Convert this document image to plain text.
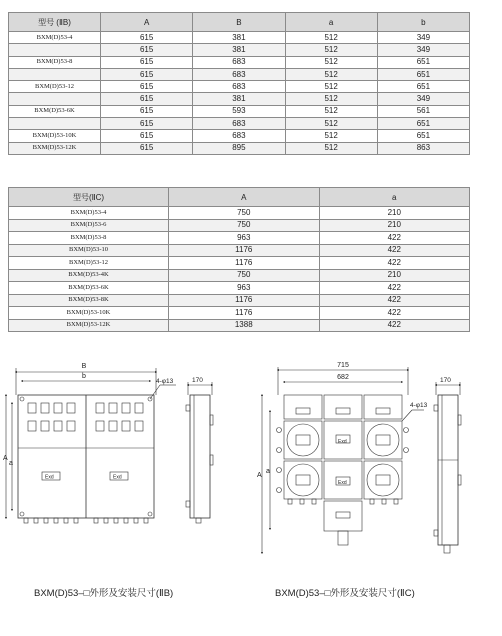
型号 (ⅡB)	A	B	a	b
BXM(D)53-4	615	381	512	349
	615	381	512	349
BXM(D)53-8	615	683	512	651
	615	683	512	651
BXM(D)53-12	615	683	512	651
	615	381	512	349
BXM(D)53-6K	615	593	512	561
	615	683	512	651
BXM(D)53-10K	615	683	512	651
BXM(D)53-12K	615	895	512	863
型号(ⅡC)	A	a
BXM(D)53-4	750	210
BXM(D)53-6	750	210
BXM(D)53-8	963	422
BXM(D)53-10	1176	422
BXM(D)53-12	1176	422
BXM(D)53-4K	750	210
BXM(D)53-6K	963	422
BXM(D)53-8K	1176	422
BXM(D)53-10K	1176	422
BXM(D)53-12K	1388	422
B
b
A
a
4-φ13	170
Exd	Exd
715
682
A
a
4-φ13
170
Exd
Exd
BXM(D)53–□外形及安装尺寸(ⅡB)	BXM(D)53–□外形及安装尺寸(ⅡC)
